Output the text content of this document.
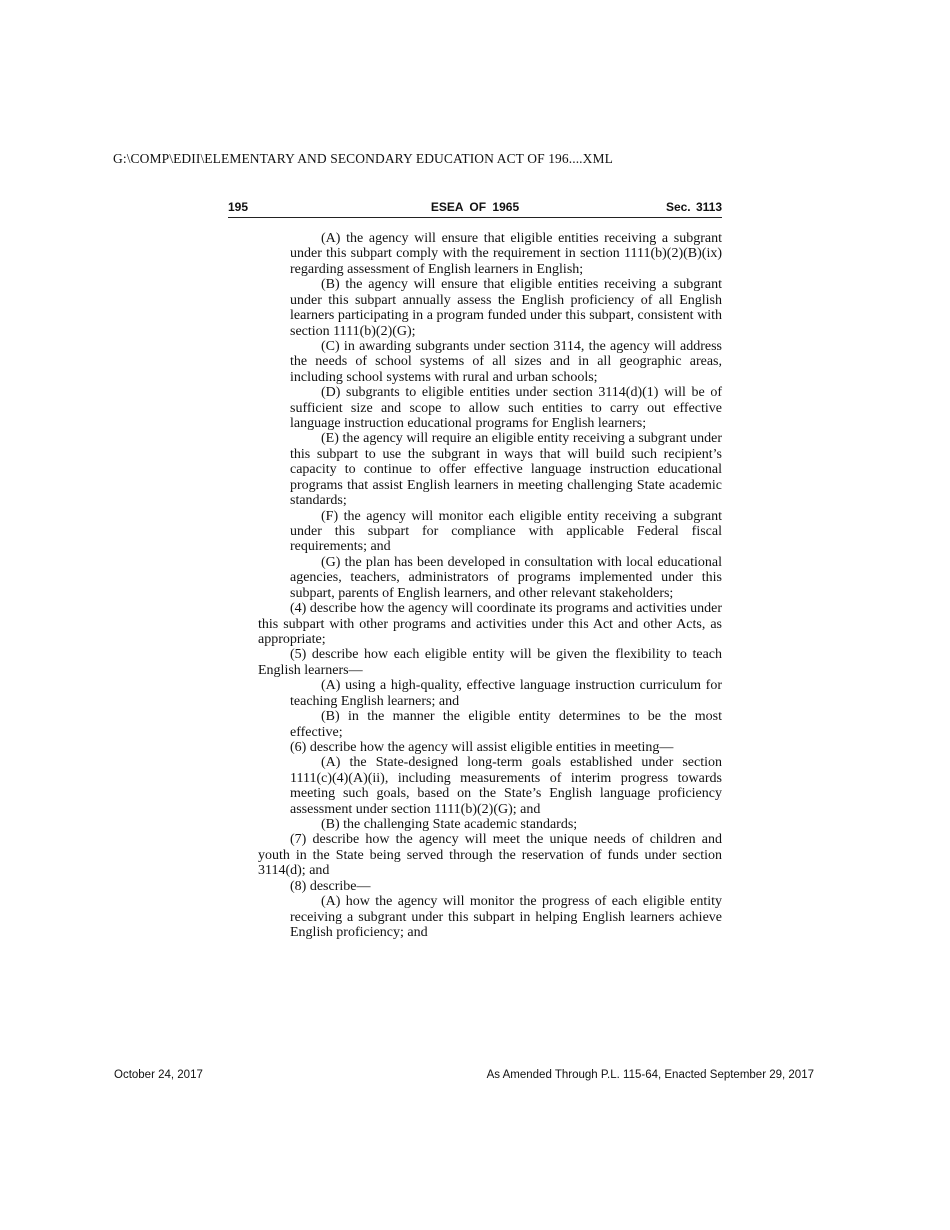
G:\COMP\EDII\ELEMENTARY AND SECONDARY EDUCATION ACT OF 196....XML
195	ESEA OF 1965	Sec. 3113

(A) the agency will ensure that eligible entities receiving a subgrant under this subpart comply with the requirement in section 1111(b)(2)(B)(ix) regarding assessment of English learners in English;

(B) the agency will ensure that eligible entities receiving a subgrant under this subpart annually assess the English proficiency of all English learners participating in a program funded under this subpart, consistent with section 1111(b)(2)(G);

(C) in awarding subgrants under section 3114, the agency will address the needs of school systems of all sizes and in all geographic areas, including school systems with rural and urban schools;

(D) subgrants to eligible entities under section 3114(d)(1) will be of sufficient size and scope to allow such entities to carry out effective language instruction educational programs for English learners;

(E) the agency will require an eligible entity receiving a subgrant under this subpart to use the subgrant in ways that will build such recipient’s capacity to continue to offer effective language instruction educational programs that assist English learners in meeting challenging State academic standards;

(F) the agency will monitor each eligible entity receiving a subgrant under this subpart for compliance with applicable Federal fiscal requirements; and

(G) the plan has been developed in consultation with local educational agencies, teachers, administrators of programs implemented under this subpart, parents of English learners, and other relevant stakeholders;

(4) describe how the agency will coordinate its programs and activities under this subpart with other programs and activities under this Act and other Acts, as appropriate;

(5) describe how each eligible entity will be given the flexibility to teach English learners—

(A) using a high-quality, effective language instruction curriculum for teaching English learners; and

(B) in the manner the eligible entity determines to be the most effective;

(6) describe how the agency will assist eligible entities in meeting—

(A) the State-designed long-term goals established under section 1111(c)(4)(A)(ii), including measurements of interim progress towards meeting such goals, based on the State’s English language proficiency assessment under section 1111(b)(2)(G); and

(B) the challenging State academic standards;

(7) describe how the agency will meet the unique needs of children and youth in the State being served through the reservation of funds under section 3114(d); and

(8) describe—

(A) how the agency will monitor the progress of each eligible entity receiving a subgrant under this subpart in helping English learners achieve English proficiency; and

October 24, 2017	As Amended Through P.L. 115-64, Enacted September 29, 2017
